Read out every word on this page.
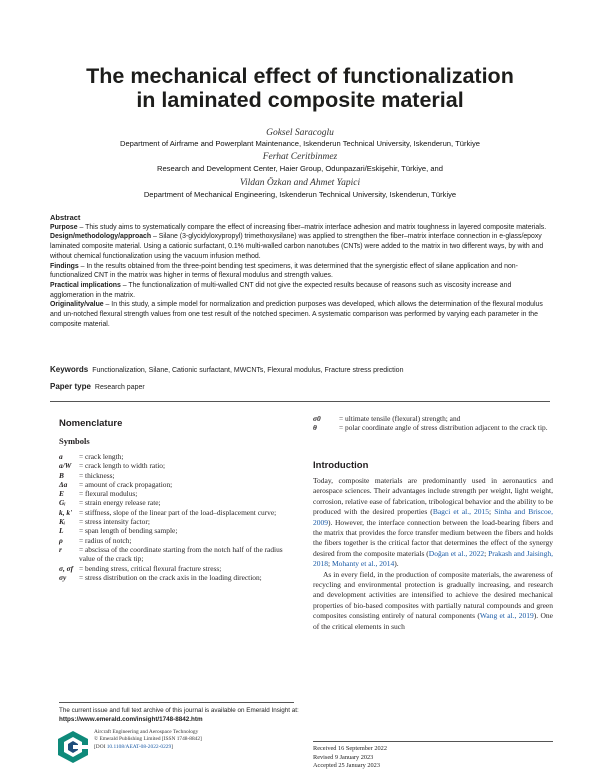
The mechanical effect of functionalization
in laminated composite material
Goksel Saracoglu
Department of Airframe and Powerplant Maintenance, Iskenderun Technical University, Iskenderun, Türkiye
Ferhat Ceritbinmez
Research and Development Center, Haier Group, Odunpazari/Eskişehir, Türkiye, and
Vildan Özkan and Ahmet Yapici
Department of Mechanical Engineering, Iskenderun Technical University, Iskenderun, Türkiye
Abstract

Purpose – This study aims to systematically compare the effect of increasing fiber–matrix interface adhesion and matrix toughness in layered composite materials.

Design/methodology/approach – Silane (3-glycidyloxypropyl) trimethoxysilane) was applied to strengthen the fiber–matrix interface connection in e-glass/epoxy laminated composite material. Using a cationic surfactant, 0.1% multi-walled carbon nanotubes (CNTs) were added to the matrix in two different ways, by with and without chemical functionalization using the vacuum infusion method.

Findings – In the results obtained from the three-point bending test specimens, it was determined that the synergistic effect of silane application and non-functionalized CNT in the matrix was higher in terms of flexural modulus and strength values.

Practical implications – The functionalization of multi-walled CNT did not give the expected results because of reasons such as viscosity increase and agglomeration in the matrix.

Originality/value – In this study, a simple model for normalization and prediction purposes was developed, which allows the determination of the flexural modulus and un-notched flexural strength values from one test result of the notched specimen. A systematic comparison was performed by varying each parameter in the composite material.

Keywords Functionalization, Silane, Cationic surfactant, MWCNTs, Flexural modulus, Fracture stress prediction
Paper type Research paper
Nomenclature
Symbols
a	= crack length;
a/W	= crack length to width ratio;
B	= thickness;
Δa	= amount of crack propagation;
E	= flexural modulus;
Gᵢ	= strain energy release rate;
k, k' = stiffness, slope of the linear part of the load–displacement curve;
Kᵢ	= stress intensity factor;
L	= span length of bending sample;
ρ	= radius of notch;
r	= abscissa of the coordinate starting from the notch half of the radius value of the crack tip;
σ, σf = bending stress, critical flexural fracture stress;
σy	= stress distribution on the crack axis in the loading direction;
The current issue and full text archive of this journal is available on Emerald Insight at: https://www.emerald.com/insight/1748-8842.htm
Aircraft Engineering and Aerospace Technology
© Emerald Publishing Limited [ISSN 1748-8842]
[DOI 10.1108/AEAT-08-2022-0229]
σ0	= ultimate tensile (flexural) strength; and
θ	= polar coordinate angle of stress distribution adjacent to the crack tip.
Introduction

Today, composite materials are predominantly used in aeronautics and aerospace sciences. Their advantages include strength per weight, light weight, corrosion, relative ease of fabrication, tribological behavior and the ability to be produced with the desired properties (Bagci et al., 2015; Sinha and Briscoe, 2009). However, the interface connection between the load-bearing fibers and the matrix that provides the force transfer medium between the fibers and holds the fibers together is the critical factor that determines the effect of the synergy desired from the composite materials (Doğan et al., 2022; Prakash and Jaisingh, 2018; Mohanty et al., 2014).

As in every field, in the production of composite materials, the awareness of recycling and environmental protection is gradually increasing, and research and development activities are intensified to achieve the desired mechanical properties of bio-based composites with partially natural compounds and green composites consisting entirely of natural components (Wang et al., 2019). One of the critical elements in such

Received 16 September 2022
Revised 9 January 2023
Accepted 25 January 2023
